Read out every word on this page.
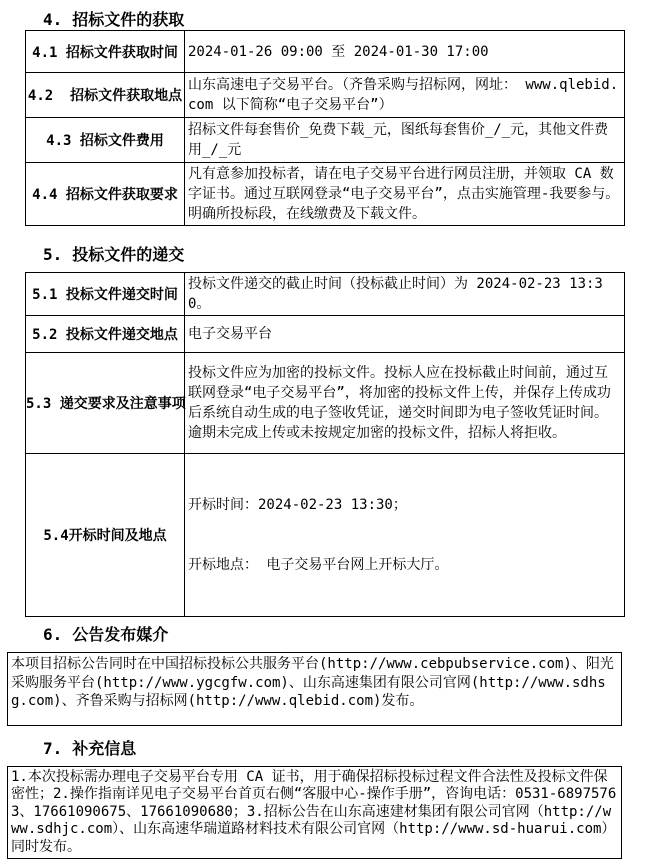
4. 招标文件的获取
4.1 招标文件获取时间	2024-01-26 09:00 至 2024-01-30 17:00
4.2  招标文件获取地点	山东高速电子交易平台。（齐鲁采购与招标网，网址： www.qlebid.com 以下简称“电子交易平台”）
4.3 招标文件费用	招标文件每套售价_免费下载_元，图纸每套售价_/_元，其他文件费用_/_元
4.4 招标文件获取要求	凡有意参加投标者，请在电子交易平台进行网员注册，并领取 CA 数字证书。通过互联网登录“电子交易平台”，点击实施管理-我要参与。明确所投标段，在线缴费及下载文件。
5. 投标文件的递交
5.1 投标文件递交时间	投标文件递交的截止时间（投标截止时间）为 2024-02-23 13:30。
5.2 投标文件递交地点	电子交易平台
5.3 递交要求及注意事项	投标文件应为加密的投标文件。投标人应在投标截止时间前，通过互联网登录“电子交易平台”，将加密的投标文件上传，并保存上传成功后系统自动生成的电子签收凭证，递交时间即为电子签收凭证时间。逾期未完成上传或未按规定加密的投标文件，招标人将拒收。
5.4开标时间及地点	开标时间：2024-02-23 13:30；

开标地点： 电子交易平台网上开标大厅。

6. 公告发布媒介
本项目招标公告同时在中国招标投标公共服务平台(http://www.cebpubservice.com)、阳光采购服务平台(http://www.ygcgfw.com)、山东高速集团有限公司官网(http://www.sdhsg.com)、齐鲁采购与招标网(http://www.qlebid.com)发布。
7. 补充信息
1.本次投标需办理电子交易平台专用 CA 证书，用于确保招标投标过程文件合法性及投标文件保密性；2.操作指南详见电子交易平台首页右侧“客服中心-操作手册”，咨询电话：0531-68975763、17661090675、17661090680；3.招标公告在山东高速建材集团有限公司官网（http://www.sdhjc.com）、山东高速华瑞道路材料技术有限公司官网（http://www.sd-huarui.com）同时发布。
